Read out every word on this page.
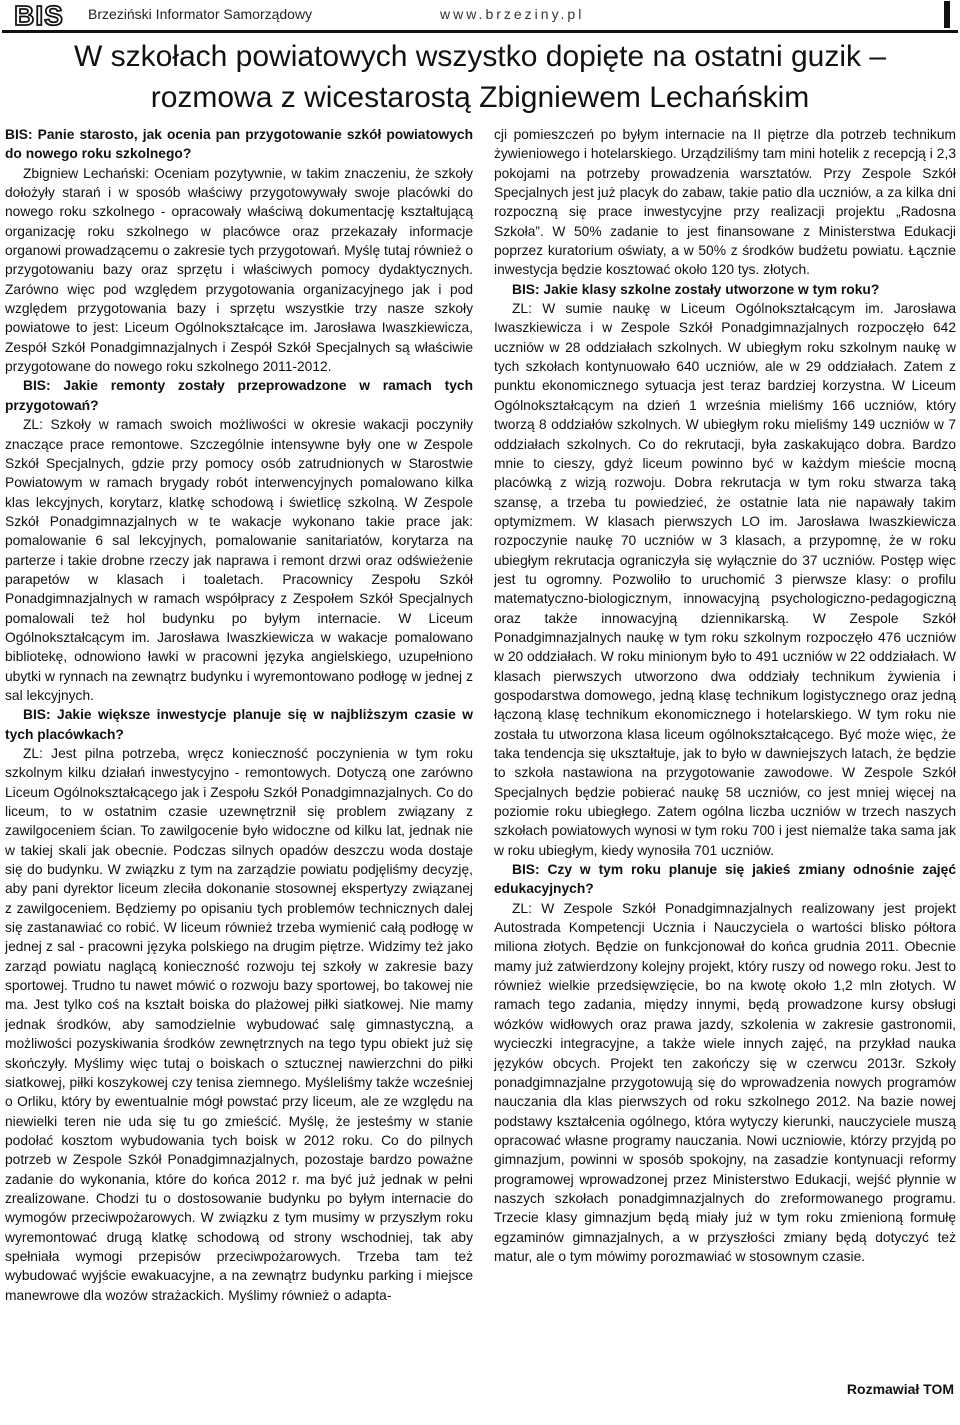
BIS Brzeziński Informator Samorządowy	www.brzeziny.pl
W szkołach powiatowych wszystko dopięte na ostatni guzik –
rozmowa z wicestarostą Zbigniewem Lechańskim

BIS: Panie starosto, jak ocenia pan przygotowanie szkół powiatowych do nowego roku szkolnego?

Zbigniew Lechański: Oceniam pozytywnie, w takim znaczeniu, że szkoły dołożyły starań i w sposób właściwy przygotowywały swoje placówki do nowego roku szkolnego - opracowały właściwą dokumentację kształtującą organizację roku szkolnego w placówce oraz przekazały informacje organowi prowadzącemu o zakresie tych przygotowań. Myślę tutaj również o przygotowaniu bazy oraz sprzętu i właściwych pomocy dydaktycznych. Zarówno więc pod względem przygotowania organizacyjnego jak i pod względem przygotowania bazy i sprzętu wszystkie trzy nasze szkoły powiatowe to jest: Liceum Ogólnokształcące im. Jarosława Iwaszkiewicza, Zespół Szkół Ponadgimnazjalnych i Zespół Szkół Specjalnych są właściwie przygotowane do nowego roku szkolnego 2011-2012.

BIS: Jakie remonty zostały przeprowadzone w ramach tych przygotowań?

ZL: Szkoły w ramach swoich możliwości w okresie wakacji poczyniły znaczące prace remontowe. Szczególnie intensywne były one w Zespole Szkół Specjalnych, gdzie przy pomocy osób zatrudnionych w Starostwie Powiatowym w ramach brygady robót interwencyjnych pomalowano kilka klas lekcyjnych, korytarz, klatkę schodową i świetlicę szkolną. W Zespole Szkół Ponadgimnazjalnych w te wakacje wykonano takie prace jak: pomalowanie 6 sal lekcyjnych, pomalowanie sanitariatów, korytarza na parterze i takie drobne rzeczy jak naprawa i remont drzwi oraz odświeżenie parapetów w klasach i toaletach. Pracownicy Zespołu Szkół Ponadgimnazjalnych w ramach współpracy z Zespołem Szkół Specjalnych pomalowali też hol budynku po byłym internacie. W Liceum Ogólnokształcącym im. Jarosława Iwaszkiewicza w wakacje pomalowano bibliotekę, odnowiono ławki w pracowni języka angielskiego, uzupełniono ubytki w rynnach na zewnątrz budynku i wyremontowano podłogę w jednej z sal lekcyjnych.

BIS: Jakie większe inwestycje planuje się w najbliższym czasie w tych placówkach?

ZL: Jest pilna potrzeba, wręcz konieczność poczynienia w tym roku szkolnym kilku działań inwestycyjno - remontowych. Dotyczą one zarówno Liceum Ogólnokształcącego jak i Zespołu Szkół Ponadgimnazjalnych. Co do liceum, to w ostatnim czasie uzewnętrznił się problem związany z zawilgoceniem ścian. To zawilgocenie było widoczne od kilku lat, jednak nie w takiej skali jak obecnie. Podczas silnych opadów deszczu woda dostaje się do budynku. W związku z tym na zarządzie powiatu podjęliśmy decyzję, aby pani dyrektor liceum zleciła dokonanie stosownej ekspertyzy związanej z zawilgoceniem. Będziemy po opisaniu tych problemów technicznych dalej się zastanawiać co robić. W liceum również trzeba wymienić całą podłogę w jednej z sal - pracowni języka polskiego na drugim piętrze. Widzimy też jako zarząd powiatu naglącą konieczność rozwoju tej szkoły w zakresie bazy sportowej. Trudno tu nawet mówić o rozwoju bazy sportowej, bo takowej nie ma. Jest tylko coś na kształt boiska do plażowej piłki siatkowej. Nie mamy jednak środków, aby samodzielnie wybudować salę gimnastyczną, a możliwości pozyskiwania środków zewnętrznych na tego typu obiekt już się skończyły. Myślimy więc tutaj o boiskach o sztucznej nawierzchni do piłki siatkowej, piłki koszykowej czy tenisa ziemnego. Myśleliśmy także wcześniej o Orliku, który by ewentualnie mógł powstać przy liceum, ale ze względu na niewielki teren nie uda się tu go zmieścić. Myślę, że jesteśmy w stanie podołać kosztom wybudowania tych boisk w 2012 roku. Co do pilnych potrzeb w Zespole Szkół Ponadgimnazjalnych, pozostaje bardzo poważne zadanie do wykonania, które do końca 2012 r. ma być już jednak w pełni zrealizowane. Chodzi tu o dostosowanie budynku po byłym internacie do wymogów przeciwpożarowych. W związku z tym musimy w przyszłym roku wyremontować drugą klatkę schodową od strony wschodniej, tak aby spełniała wymogi przepisów przeciwpożarowych. Trzeba tam też wybudować wyjście ewakuacyjne, a na zewnątrz budynku parking i miejsce manewrowe dla wozów strażackich. Myślimy również o adapta-

cji pomieszczeń po byłym internacie na II piętrze dla potrzeb technikum żywieniowego i hotelarskiego. Urządziliśmy tam mini hotelik z recepcją i 2,3 pokojami na potrzeby prowadzenia warsztatów. Przy Zespole Szkół Specjalnych jest już placyk do zabaw, takie patio dla uczniów, a za kilka dni rozpoczną się prace inwestycyjne przy realizacji projektu „Radosna Szkoła”. W 50% zadanie to jest finansowane z Ministerstwa Edukacji poprzez kuratorium oświaty, a w 50% z środków budżetu powiatu. Łącznie inwestycja będzie kosztować około 120 tys. złotych.

BIS: Jakie klasy szkolne zostały utworzone w tym roku?

ZL: W sumie naukę w Liceum Ogólnokształcącym im. Jarosława Iwaszkiewicza i w Zespole Szkół Ponadgimnazjalnych rozpoczęło 642 uczniów w 28 oddziałach szkolnych. W ubiegłym roku szkolnym naukę w tych szkołach kontynuowało 640 uczniów, ale w 29 oddziałach. Zatem z punktu ekonomicznego sytuacja jest teraz bardziej korzystna. W Liceum Ogólnokształcącym na dzień 1 września mieliśmy 166 uczniów, który tworzą 8 oddziałów szkolnych. W ubiegłym roku mieliśmy 149 uczniów w 7 oddziałach szkolnych. Co do rekrutacji, była zaskakująco dobra. Bardzo mnie to cieszy, gdyż liceum powinno być w każdym mieście mocną placówką z wizją rozwoju. Dobra rekrutacja w tym roku stwarza taką szansę, a trzeba tu powiedzieć, że ostatnie lata nie napawały takim optymizmem. W klasach pierwszych LO im. Jarosława Iwaszkiewicza rozpoczynie naukę 70 uczniów w 3 klasach, a przypomnę, że w roku ubiegłym rekrutacja ograniczyła się wyłącznie do 37 uczniów. Postęp więc jest tu ogromny. Pozwoliło to uruchomić 3 pierwsze klasy: o profilu matematyczno-biologicznym, innowacyjną psychologiczno-pedagogiczną oraz także innowacyjną dziennikarską. W Zespole Szkół Ponadgimnazjalnych naukę w tym roku szkolnym rozpoczęło 476 uczniów w 20 oddziałach. W roku minionym było to 491 uczniów w 22 oddziałach. W klasach pierwszych utworzono dwa oddziały technikum żywienia i gospodarstwa domowego, jedną klasę technikum logistycznego oraz jedną łączoną klasę technikum ekonomicznego i hotelarskiego. W tym roku nie została tu utworzona klasa liceum ogólnokształcącego. Być może więc, że taka tendencja się ukształtuje, jak to było w dawniejszych latach, że będzie to szkoła nastawiona na przygotowanie zawodowe. W Zespole Szkół Specjalnych będzie pobierać naukę 58 uczniów, co jest mniej więcej na poziomie roku ubiegłego. Zatem ogólna liczba uczniów w trzech naszych szkołach powiatowych wynosi w tym roku 700 i jest niemalże taka sama jak w roku ubiegłym, kiedy wynosiła 701 uczniów.

BIS: Czy w tym roku planuje się jakieś zmiany odnośnie zajęć edukacyjnych?

ZL: W Zespole Szkół Ponadgimnazjalnych realizowany jest projekt Autostrada Kompetencji Ucznia i Nauczyciela o wartości blisko półtora miliona złotych. Będzie on funkcjonował do końca grudnia 2011. Obecnie mamy już zatwierdzony kolejny projekt, który ruszy od nowego roku. Jest to również wielkie przedsięwzięcie, bo na kwotę około 1,2 mln złotych. W ramach tego zadania, między innymi, będą prowadzone kursy obsługi wózków widłowych oraz prawa jazdy, szkolenia w zakresie gastronomii, wycieczki integracyjne, a także wiele innych zajęć, na przykład nauka języków obcych. Projekt ten zakończy się w czerwcu 2013r. Szkoły ponadgimnazjalne przygotowują się do wprowadzenia nowych programów nauczania dla klas pierwszych od roku szkolnego 2012. Na bazie nowej podstawy kształcenia ogólnego, która wytyczy kierunki, nauczyciele muszą opracować własne programy nauczania. Nowi uczniowie, którzy przyjdą po gimnazjum, powinni w sposób spokojny, na zasadzie kontynuacji reformy programowej wprowadzonej przez Ministerstwo Edukacji, wejść płynnie w naszych szkołach ponadgimnazjalnych do zreformowanego programu. Trzecie klasy gimnazjum będą miały już w tym roku zmienioną formułę egzaminów gimnazjalnych, a w przyszłości zmiany będą dotyczyć też matur, ale o tym mówimy porozmawiać w stosownym czasie.

Rozmawiał TOM
